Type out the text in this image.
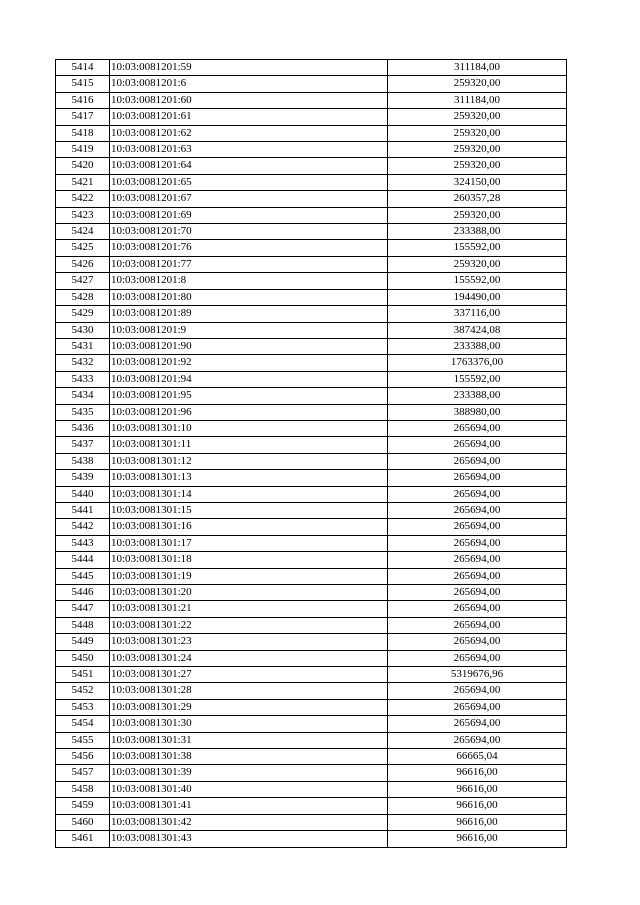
5414	10:03:0081201:59	311184,00
5415	10:03:0081201:6	259320,00
5416	10:03:0081201:60	311184,00
5417	10:03:0081201:61	259320,00
5418	10:03:0081201:62	259320,00
5419	10:03:0081201:63	259320,00
5420	10:03:0081201:64	259320,00
5421	10:03:0081201:65	324150,00
5422	10:03:0081201:67	260357,28
5423	10:03:0081201:69	259320,00
5424	10:03:0081201:70	233388,00
5425	10:03:0081201:76	155592,00
5426	10:03:0081201:77	259320,00
5427	10:03:0081201:8	155592,00
5428	10:03:0081201:80	194490,00
5429	10:03:0081201:89	337116,00
5430	10:03:0081201:9	387424,08
5431	10:03:0081201:90	233388,00
5432	10:03:0081201:92	1763376,00
5433	10:03:0081201:94	155592,00
5434	10:03:0081201:95	233388,00
5435	10:03:0081201:96	388980,00
5436	10:03:0081301:10	265694,00
5437	10:03:0081301:11	265694,00
5438	10:03:0081301:12	265694,00
5439	10:03:0081301:13	265694,00
5440	10:03:0081301:14	265694,00
5441	10:03:0081301:15	265694,00
5442	10:03:0081301:16	265694,00
5443	10:03:0081301:17	265694,00
5444	10:03:0081301:18	265694,00
5445	10:03:0081301:19	265694,00
5446	10:03:0081301:20	265694,00
5447	10:03:0081301:21	265694,00
5448	10:03:0081301:22	265694,00
5449	10:03:0081301:23	265694,00
5450	10:03:0081301:24	265694,00
5451	10:03:0081301:27	5319676,96
5452	10:03:0081301:28	265694,00
5453	10:03:0081301:29	265694,00
5454	10:03:0081301:30	265694,00
5455	10:03:0081301:31	265694,00
5456	10:03:0081301:38	66665,04
5457	10:03:0081301:39	96616,00
5458	10:03:0081301:40	96616,00
5459	10:03:0081301:41	96616,00
5460	10:03:0081301:42	96616,00
5461	10:03:0081301:43	96616,00
